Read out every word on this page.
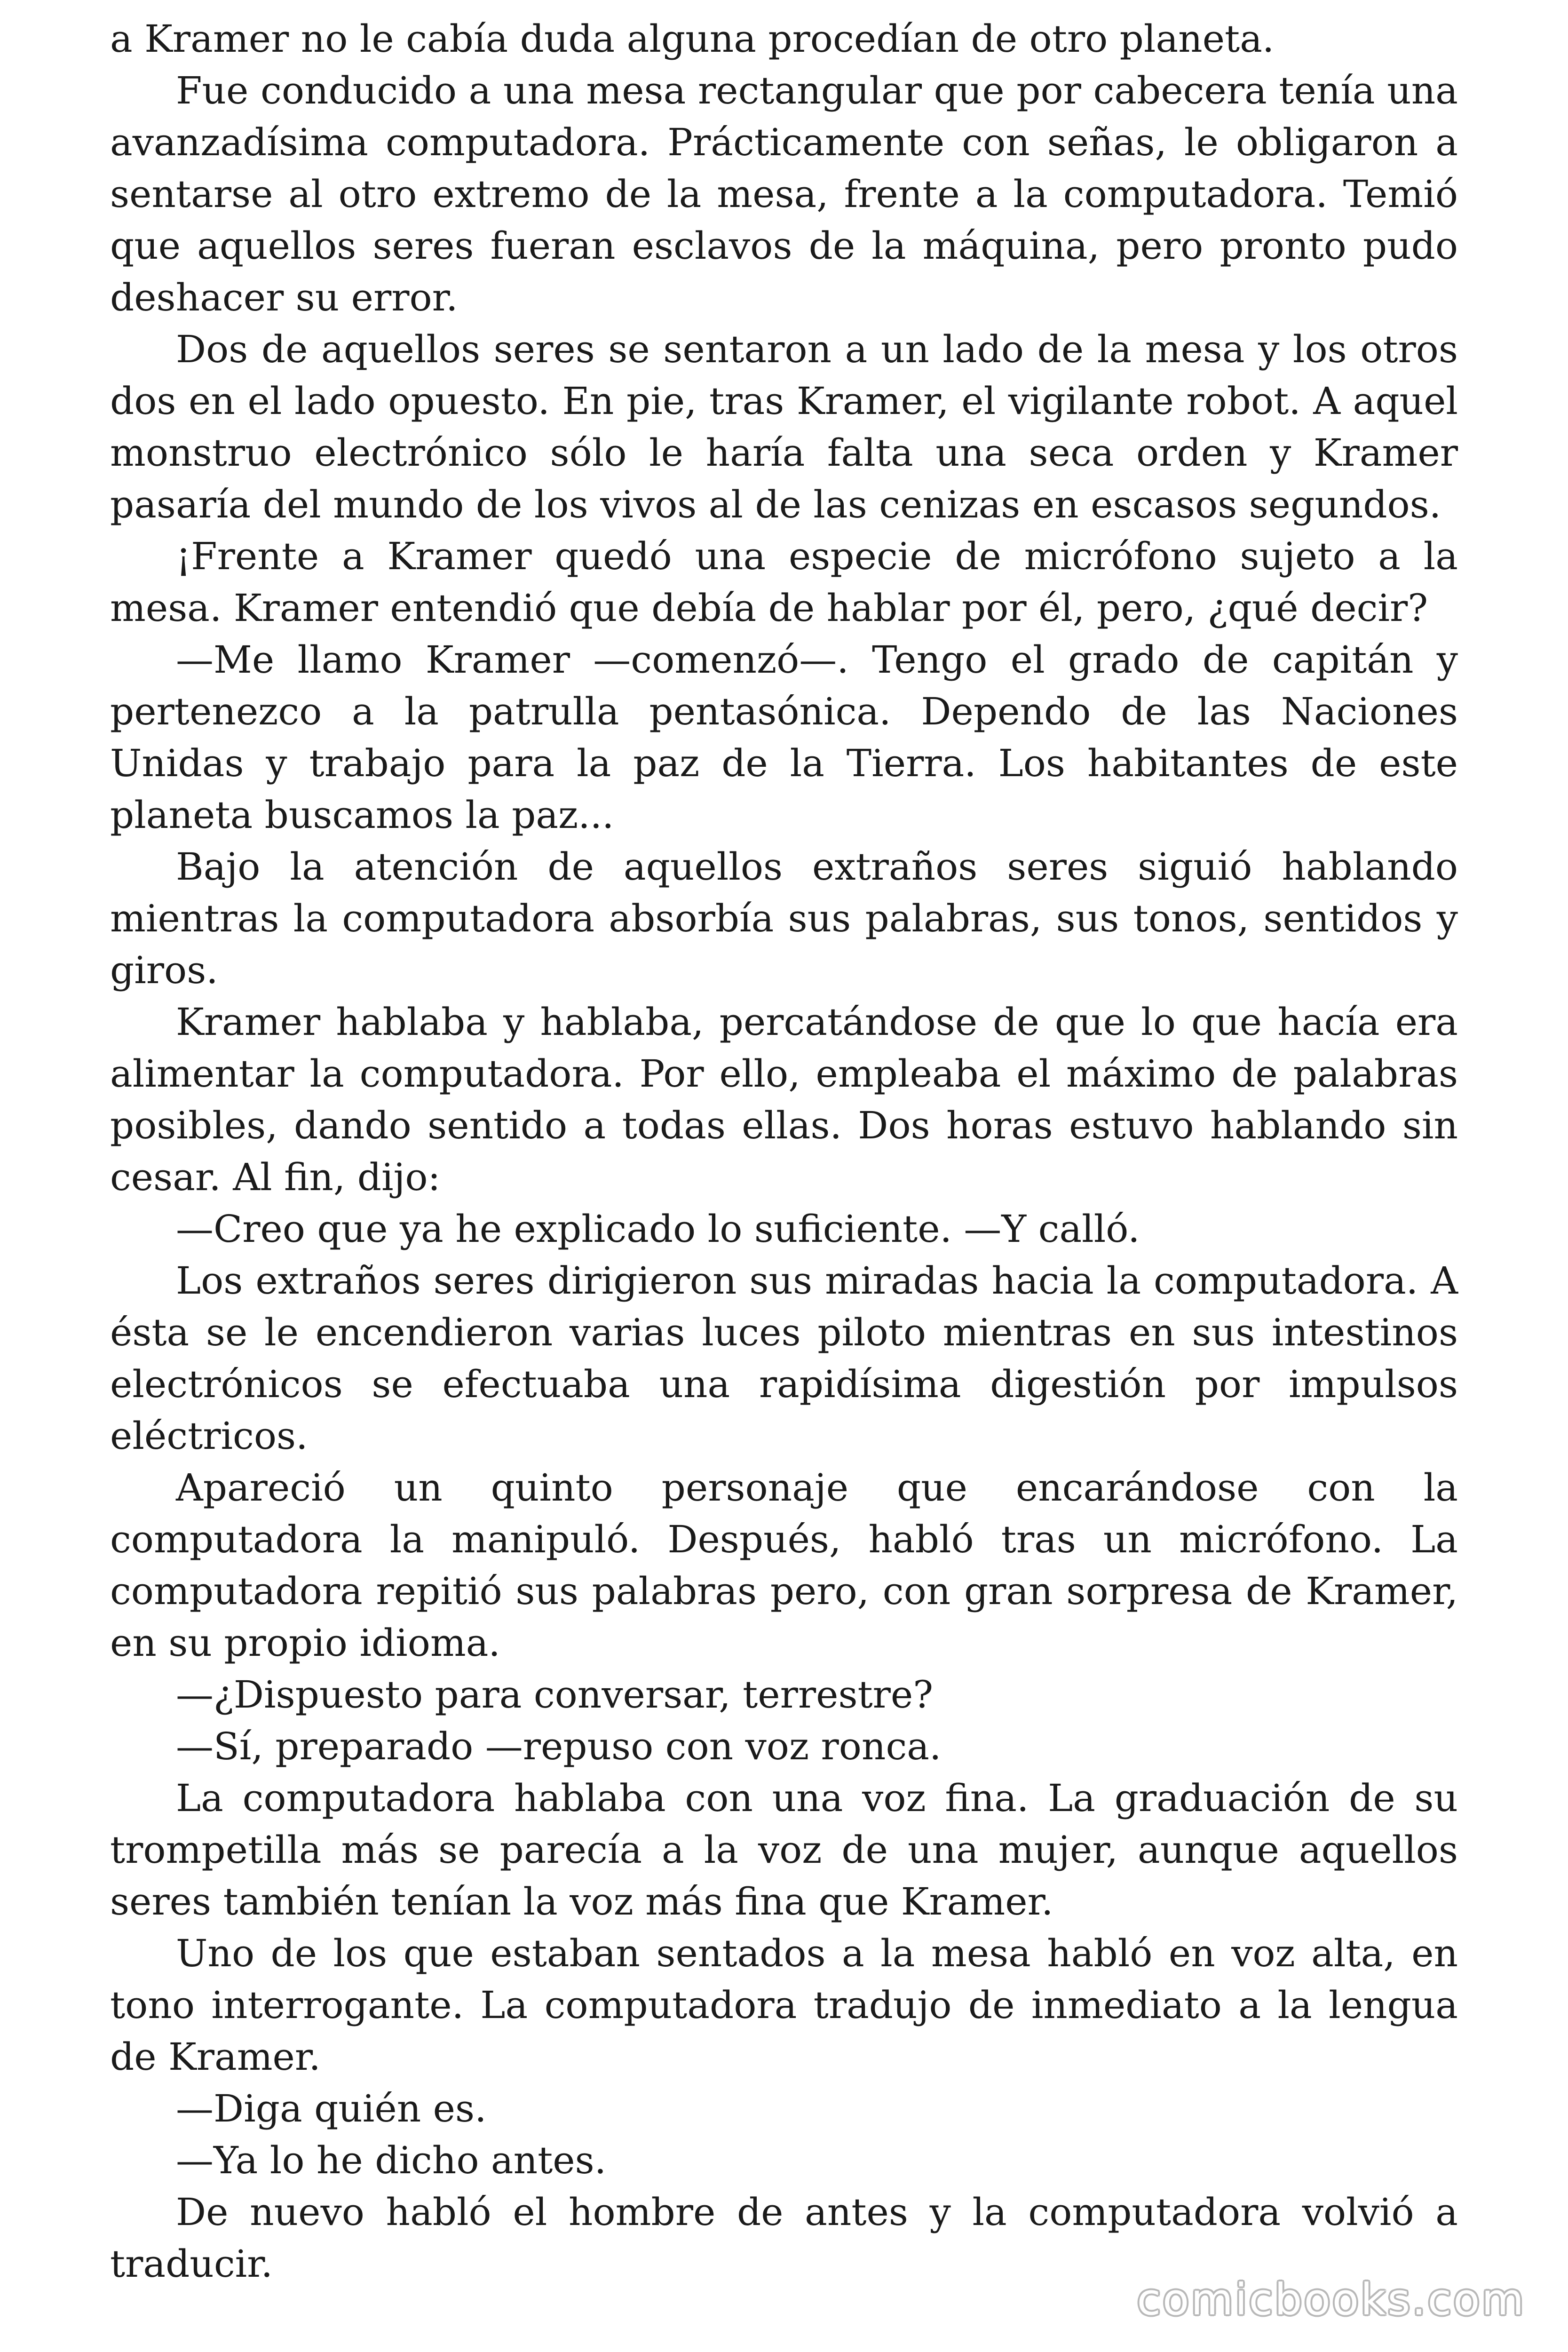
a Kramer no le cabía duda alguna procedían de otro planeta.

Fue conducido a una mesa rectangular que por cabecera tenía una avanzadísima computadora. Prácticamente con señas, le obligaron a sentarse al otro extremo de la mesa, frente a la computadora. Temió que aquellos seres fueran esclavos de la máquina, pero pronto pudo deshacer su error.

Dos de aquellos seres se sentaron a un lado de la mesa y los otros dos en el lado opuesto. En pie, tras Kramer, el vigilante robot. A aquel monstruo electrónico sólo le haría falta una seca orden y Kramer pasaría del mundo de los vivos al de las cenizas en escasos segundos.

¡Frente a Kramer quedó una especie de micrófono sujeto a la mesa. Kramer entendió que debía de hablar por él, pero, ¿qué decir?

—Me llamo Kramer —comenzó—. Tengo el grado de capitán y pertenezco a la patrulla pentasónica. Dependo de las Naciones Unidas y trabajo para la paz de la Tierra. Los habitantes de este planeta buscamos la paz...

Bajo la atención de aquellos extraños seres siguió hablando mientras la computadora absorbía sus palabras, sus tonos, sentidos y giros.

Kramer hablaba y hablaba, percatándose de que lo que hacía era alimentar la computadora. Por ello, empleaba el máximo de palabras posibles, dando sentido a todas ellas. Dos horas estuvo hablando sin cesar. Al fin, dijo:

—Creo que ya he explicado lo suficiente. —Y calló.

Los extraños seres dirigieron sus miradas hacia la computadora. A ésta se le encendieron varias luces piloto mientras en sus intestinos electrónicos se efectuaba una rapidísima digestión por impulsos eléctricos.

Apareció un quinto personaje que encarándose con la computadora la manipuló. Después, habló tras un micrófono. La computadora repitió sus palabras pero, con gran sorpresa de Kramer, en su propio idioma.

—¿Dispuesto para conversar, terrestre?

—Sí, preparado —repuso con voz ronca.

La computadora hablaba con una voz fina. La graduación de su trompetilla más se parecía a la voz de una mujer, aunque aquellos seres también tenían la voz más fina que Kramer.

Uno de los que estaban sentados a la mesa habló en voz alta, en tono interrogante. La computadora tradujo de inmediato a la lengua de Kramer.

—Diga quién es.

—Ya lo he dicho antes.

De nuevo habló el hombre de antes y la computadora volvió a traducir.

comicbooks.com
